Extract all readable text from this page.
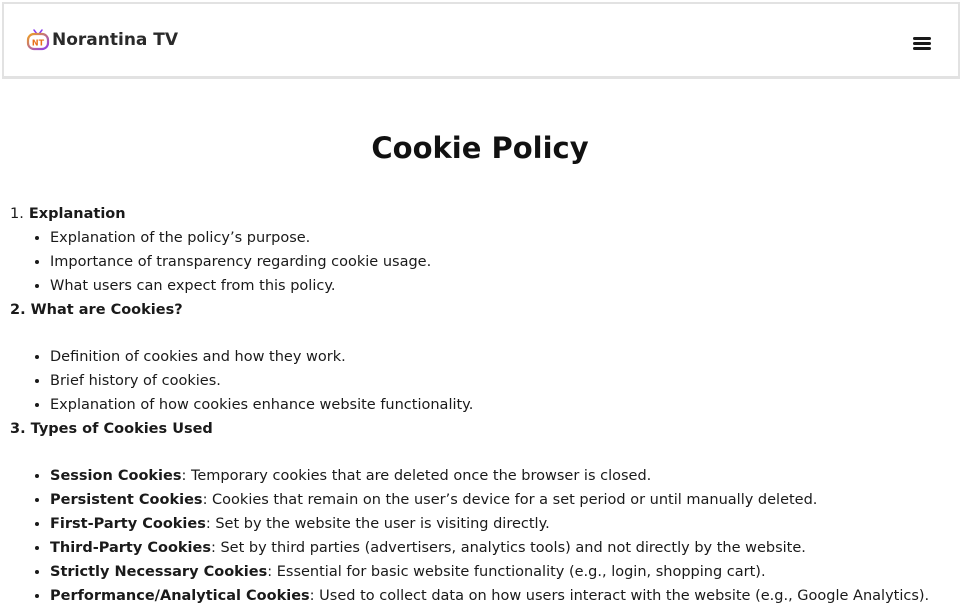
NT Norantina TV
Cookie Policy
1. Explanation
• Explanation of the policy’s purpose.
• Importance of transparency regarding cookie usage.
• What users can expect from this policy.
2. What are Cookies?
• Definition of cookies and how they work.
• Brief history of cookies.
• Explanation of how cookies enhance website functionality.
3. Types of Cookies Used
• Session Cookies: Temporary cookies that are deleted once the browser is closed.
• Persistent Cookies: Cookies that remain on the user’s device for a set period or until manually deleted.
• First-Party Cookies: Set by the website the user is visiting directly.
• Third-Party Cookies: Set by third parties (advertisers, analytics tools) and not directly by the website.
• Strictly Necessary Cookies: Essential for basic website functionality (e.g., login, shopping cart).
• Performance/Analytical Cookies: Used to collect data on how users interact with the website (e.g., Google Analytics).
